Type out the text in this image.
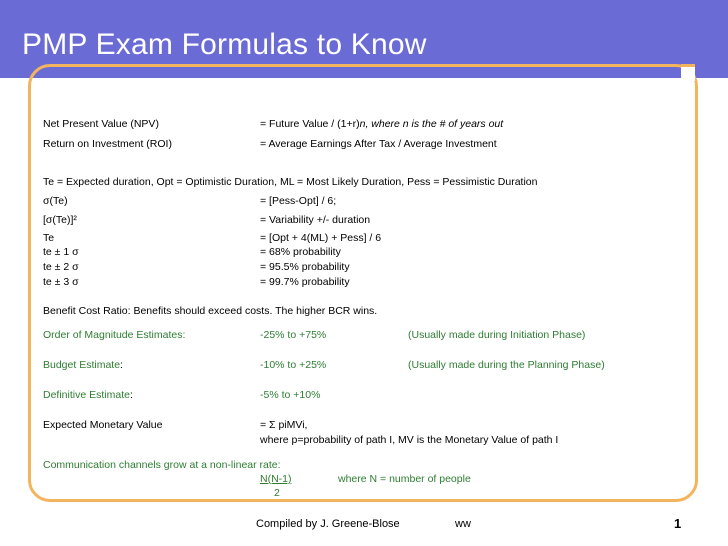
PMP Exam Formulas to Know
Net Present Value (NPV)	= Future Value / (1+r)n, where n is the # of years out
Return on Investment (ROI)	= Average Earnings After Tax / Average Investment
Te = Expected duration, Opt = Optimistic Duration, ML = Most Likely Duration, Pess = Pessimistic Duration
σ(Te)	= [Pess-Opt] / 6;
[σ(Te)]²	= Variability +/- duration
Te	= [Opt + 4(ML) + Pess] / 6
te ± 1 σ	= 68% probability
te ± 2 σ	= 95.5% probability
te ± 3 σ	= 99.7% probability
Benefit Cost Ratio: Benefits should exceed costs. The higher BCR wins.
Order of Magnitude Estimates:	-25% to +75%	(Usually made during Initiation Phase)
Budget Estimate:	-10% to +25%	(Usually made during the Planning Phase)
Definitive Estimate:	-5% to +10%
Expected Monetary Value	= Σ piMVi,
where p=probability of path I, MV is the Monetary Value of path I
Communication channels grow at a non-linear rate:
N(N-1)	where N = number of people
2
Compiled by J. Greene-Blose	ww	1
